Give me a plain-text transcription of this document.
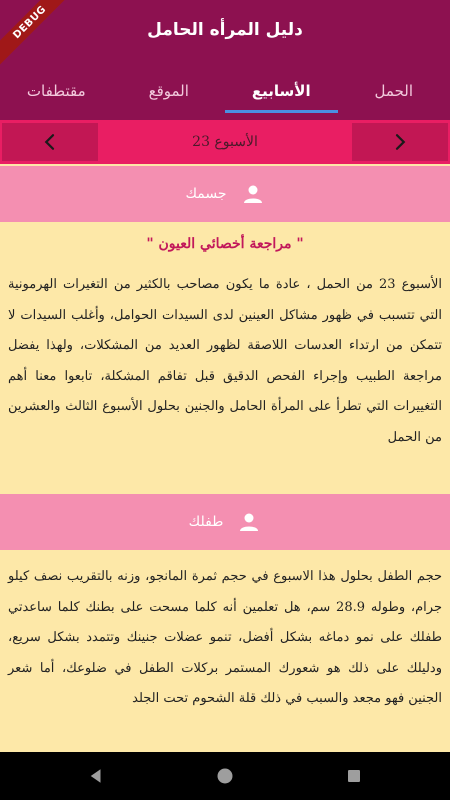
دليل المرأه الحامل
الحمل
الأسابيع
الموقع
مقتطفات
DEBUG
الأسبوع 23
جسمك
" مراجعة أخصائي العيون "

الأسبوع 23 من الحمل ، عادة ما يكون مصاحب بالكثير من التغيرات الهرمونية التي تتسبب في ظهور مشاكل العينين لدى السيدات الحوامل، وأغلب السيدات لا تتمكن من ارتداء العدسات اللاصقة لظهور العديد من المشكلات، ولهذا يفضل مراجعة الطبيب وإجراء الفحص الدقيق قبل تفاقم المشكلة، تابعوا معنا أهم التغييرات التي تطرأ على المرأة الحامل والجنين بحلول الأسبوع الثالث والعشرين من الحمل

طفلك

حجم الطفل بحلول هذا الاسبوع في حجم ثمرة المانجو، وزنه بالتقريب نصف كيلو جرام، وطوله 28.9 سم، هل تعلمين أنه كلما مسحت على بطنك كلما ساعدتي طفلك على نمو دماغه بشكل أفضل، تنمو عضلات جنينك وتتمدد بشكل سريع، ودليلك على ذلك هو شعورك المستمر بركلات الطفل في ضلوعك، أما شعر الجنين فهو مجعد والسبب في ذلك قلة الشحوم تحت الجلد
